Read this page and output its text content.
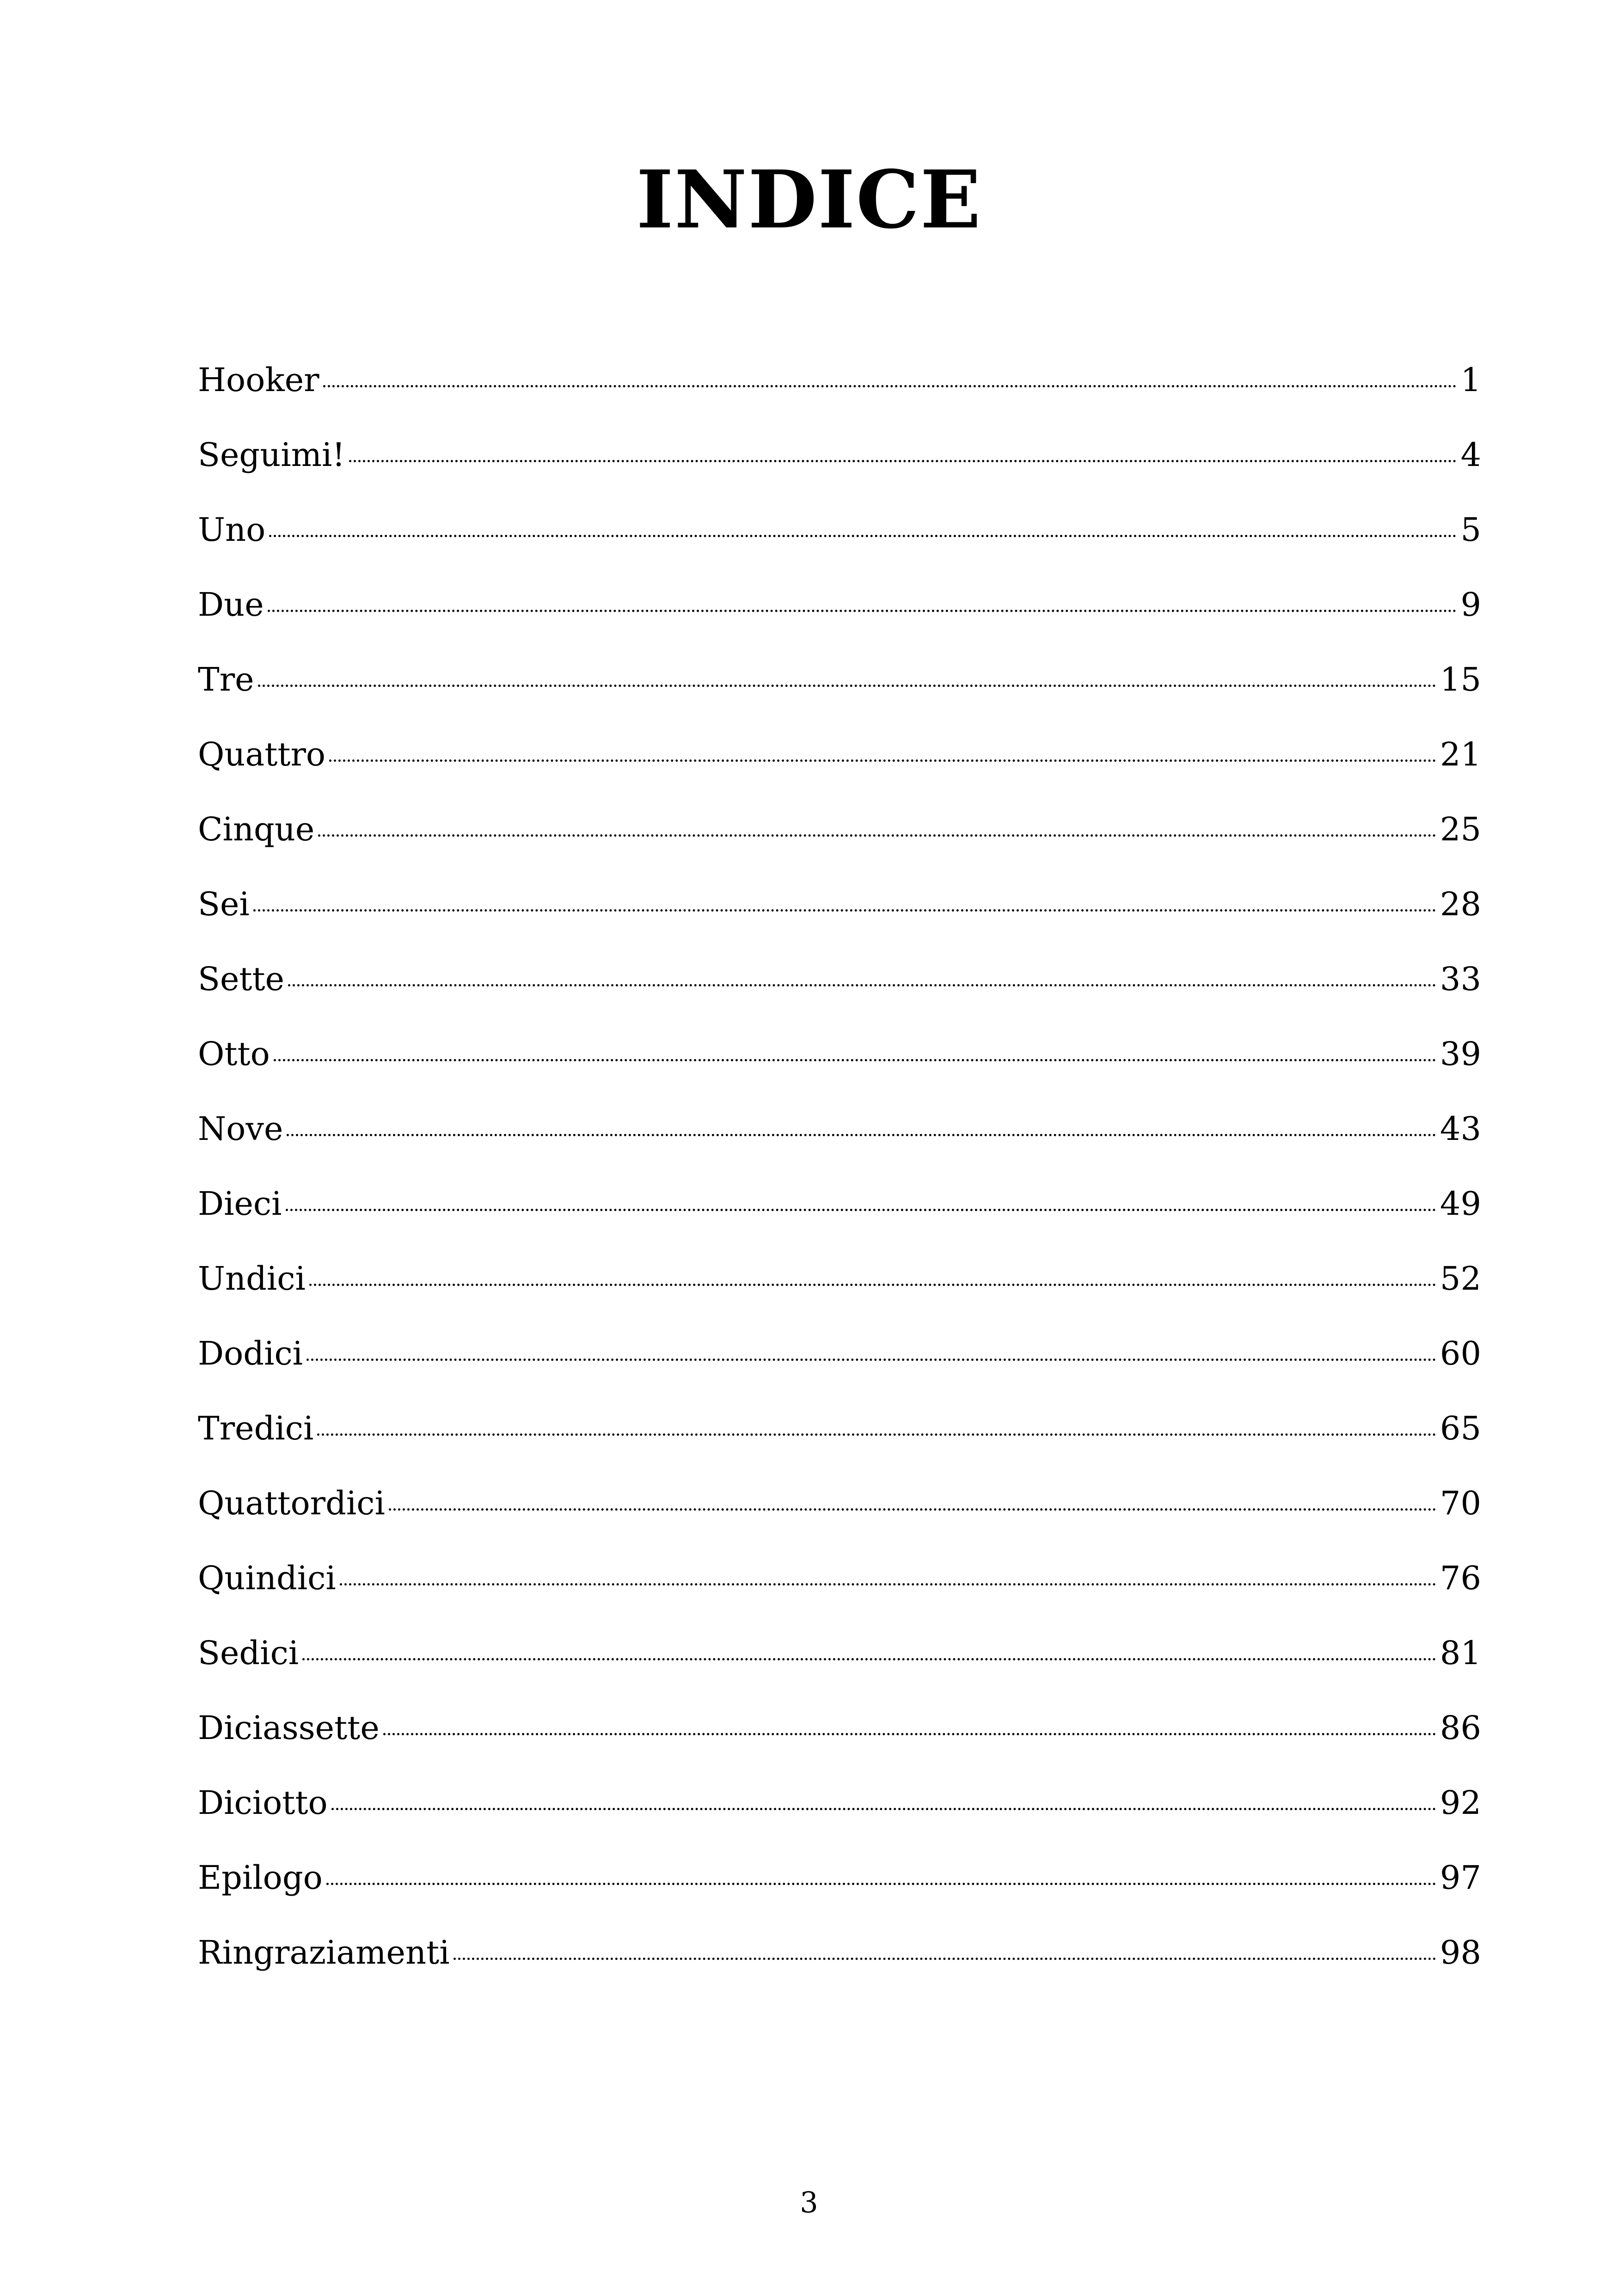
INDICE
Hooker	1
Seguimi!	4
Uno	5
Due	9
Tre	15
Quattro	21
Cinque	25
Sei	28
Sette	33
Otto	39
Nove	43
Dieci	49
Undici	52
Dodici	60
Tredici	65
Quattordici	70
Quindici	76
Sedici	81
Diciassette	86
Diciotto	92
Epilogo	97
Ringraziamenti	98
3
